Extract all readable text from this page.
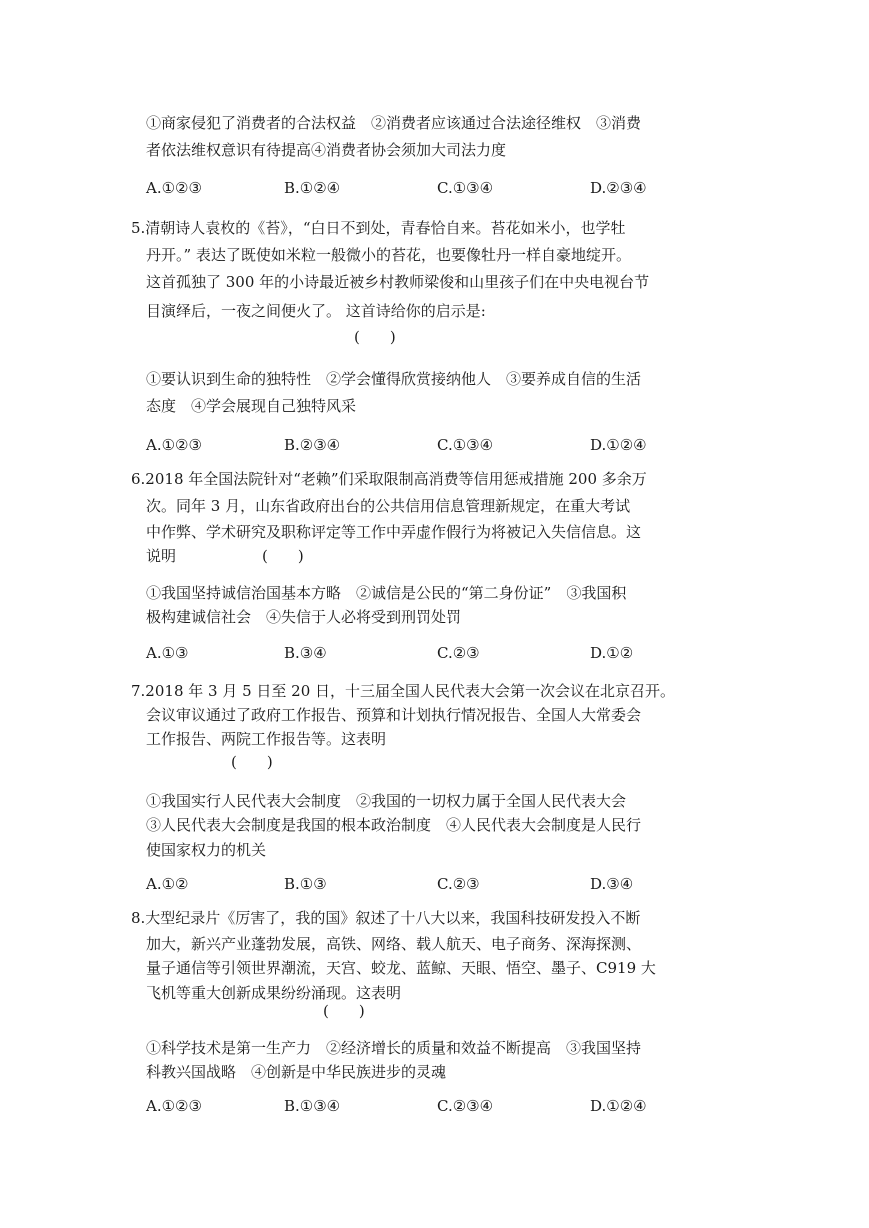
①商家侵犯了消费者的合法权益　②消费者应该通过合法途径维权　③消费
者依法维权意识有待提高④消费者协会须加大司法力度
A.①②③	B.①②④	C.①③④	D.②③④
5.清朝诗人袁枚的《苔》，“白日不到处，青春恰自来。苔花如米小，也学牡
丹开。” 表达了既使如米粒一般微小的苔花，也要像牡丹一样自豪地绽开。
这首孤独了 300 年的小诗最近被乡村教师梁俊和山里孩子们在中央电视台节
目演绎后，一夜之间便火了。 这首诗给你的启示是:
(　　)
①要认识到生命的独特性　②学会懂得欣赏接纳他人　③要养成自信的生活
态度　④学会展现自己独特风采
A.①②③	B.②③④	C.①③④	D.①②④
6.2018 年全国法院针对“老赖”们采取限制高消费等信用惩戒措施 200 多余万
次。同年 3 月，山东省政府出台的公共信用信息管理新规定，在重大考试
中作弊、学术研究及职称评定等工作中弄虚作假行为将被记入失信信息。这
说明	(　　)
①我国坚持诚信治国基本方略　②诚信是公民的“第二身份证”　③我国积
极构建诚信社会　④失信于人必将受到刑罚处罚
A.①③	B.③④	C.②③	D.①②
7.2018 年 3 月 5 日至 20 日，十三届全国人民代表大会第一次会议在北京召开。
会议审议通过了政府工作报告、预算和计划执行情况报告、全国人大常委会
工作报告、两院工作报告等。这表明
(　　)
①我国实行人民代表大会制度　②我国的一切权力属于全国人民代表大会
③人民代表大会制度是我国的根本政治制度　④人民代表大会制度是人民行
使国家权力的机关
A.①②	B.①③	C.②③	D.③④
8.大型纪录片《厉害了，我的国》叙述了十八大以来，我国科技研发投入不断
加大，新兴产业蓬勃发展，高铁、网络、载人航天、电子商务、深海探测、
量子通信等引领世界潮流，天宫、蛟龙、蓝鲸、天眼、悟空、墨子、C919 大
飞机等重大创新成果纷纷涌现。这表明
(　　)
①科学技术是第一生产力　②经济增长的质量和效益不断提高　③我国坚持
科教兴国战略　④创新是中华民族进步的灵魂
A.①②③	B.①③④	C.②③④	D.①②④
